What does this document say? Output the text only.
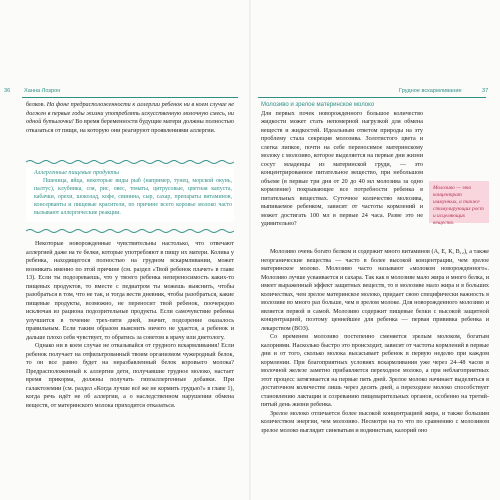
36 Ханна Лозрон

белков. На фоне предрасположенности к аллергии ребенок ни в коем случае не должен в первые годы жизни употреблять искусственную молочную смесь, ни одной бутылочки! Во время беременности будущие матери должны полностью отказаться от пищи, на которую они реагируют проявлениями аллергии.

Аллергенные пищевые продукты

Пшеница, яйца, некоторые виды рыб (например, тунец, морской окунь, палтус), клубника, соя, рис, овес, томаты, цитрусовые, цветная капуста, кабачки, орехи, шоколад, кофе, свинина, сыр, сахар, препараты витаминов, консерванты и пищевые красители, по причине всего коровье молоко часто вызывают аллергические реакции.

Некоторые новорожденные чувствительны настолько, что отвечают аллергией даже на те белки, которые употребляют в пищу их матери. Колика у ребенка, находящегося полностью на грудном вскармливании, может возникать именно по этой причине (см. раздел «Твой ребенок плачет» в главе 13). Если ты подозреваешь, что у твоего ребенка непереносимость каких-то пищевых продуктов, то вместе с педиатром ты можешь выяснить, чтобы разобраться в том, что не так, и тогда вести дневник, чтобы разобраться, какие пищевые продукты, возможно, не переносит твой ребенок, поочередно исключая из рациона подозрительные продукты. Если самочувствие ребенка улучшится в течение трех-пяти дней, значит, подозрение оказалось правильным. Если таким образом выяснить ничего не удается, а ребенок и дальше плохо себя чувствует, то обратись за советом к врачу или диетологу.

Однако ни в коем случае не отказывайся от грудного вскармливания! Если ребенок получает на отфильтрованный твоим организмом чужеродный белок, то он все равно будет на неразбавленный белок коровьего молока? Предрасположенный к аллергии дети, получавшие грудное молоко, настает время прикорма, должны получать гипоаллергенные добавки. При галактоземии (см. раздел «Когда лучше всё же не кормить грудью?» в главе 1), когда речь идёт не об аллергии, а о наследственном нарушении обмена веществ, от материнского молока приходится отказаться.

Грудное вскармливание	37
Молозиво и зрелое материнское молоко

Для первых почек новорожденного большое количество жидкости может стать непомерной нагрузкой для обмена веществ и жидкостей. Идеальным ответом природы на эту проблему стала секреция молозива. Золотистого цвета и слегка липкое, почти на себе переносимое материнскому молоку с молозиво, которое выделяется на первые дни жизни сосут младенцы из материнской груди, — это концентрированное питательное вещество, при небольшом объеме (в первые три дня от 20 до 40 мл молозива за одно кормление) покрывающее все потребности ребенка в питательных веществах. Суточное количество молозива, выпиваемое ребенком, зависит от частоты кормлений и может достигать 100 мл в первые 24 часа. Разве это не удивительно?

Молозиво — это концентрат иммунных, а также стимулирующих рост и исцеляющих веществ.

Молозиво очень богато белком и содержит много витаминов (А, Е, К, В₁₂), а также неорганические вещества — часто в более высокой концентрации, чем зрелое материнское молоко. Молозиво часто называют «молоком новорожденного». Молозиво лучше усваивается и сахара. Так как в молозиве мало жира и много белка, и имеет выраженный эффект защитных веществ, то в молозиве мало жира и в больших количествах, чем зрелое материнское молоко, придает свою специфически важность в молозиве во много раз больше, чем в зрелом молоке. Для новорожденного молозиво и является первой и самой. Молозиво содержит пищевые белки с высокой защитной концентрацией, поэтому ценнейшее для ребенка — первая прививка ребенка и лекарством (ВОЗ).

Со временем молозиво постепенно сменяется зрелым молоком, богатым калориями. Насколько быстро это происходит, зависит от частоты кормлений в первые дни и от того, сколько молока высасывает ребенок в первую неделю при каждом кормлении. При благоприятных условиях вскармливания уже через 24–48 часов в молочной железе заметно прибавляется переходное молоко, а при неблагоприятных этот процесс затягивается на первые пять дней. Зрелое молоко начинает выделяться в достаточном количестве лишь через десять дней, а переходное молоко способствует становлению лактации и созреванию пищеварительных органов, особенно на третий-пятый день жизни ребенка.

Зрелое молоко отличается более высокой концентрацией жира, и также большим количеством энергии, чем молозиво. Несмотря на то что по сравнению с молозивом зрелое молоко выглядит синеватым и водянистым, калорий оно
